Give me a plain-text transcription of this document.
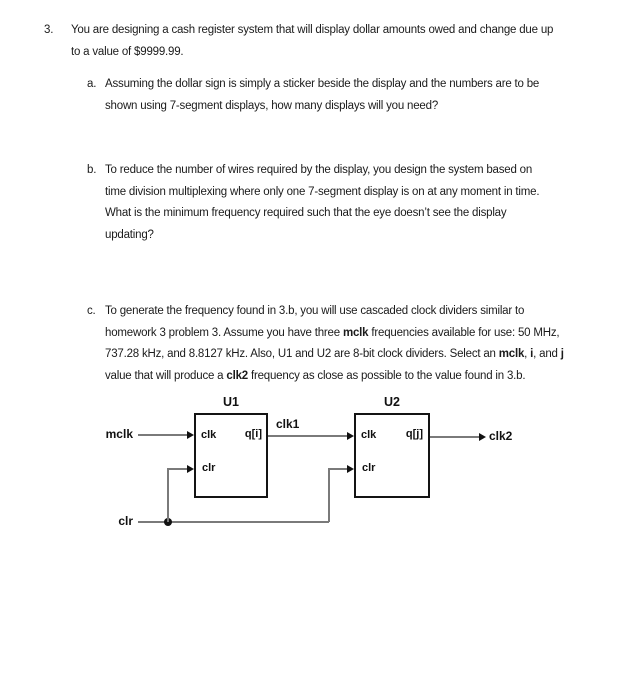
3. You are designing a cash register system that will display dollar amounts owed and change due up
to a value of $9999.99.
a. Assuming the dollar sign is simply a sticker beside the display and the numbers are to be
shown using 7-segment displays, how many displays will you need?
b. To reduce the number of wires required by the display, you design the system based on
time division multiplexing where only one 7-segment display is on at any moment in time.
What is the minimum frequency required such that the eye doesn’t see the display
updating?
c. To generate the frequency found in 3.b, you will use cascaded clock dividers similar to
homework 3 problem 3. Assume you have three mclk frequencies available for use: 50 MHz,
737.28 kHz, and 8.8127 kHz. Also, U1 and U2 are 8-bit clock dividers. Select an mclk, i, and j
value that will produce a clk2 frequency as close as possible to the value found in 3.b.
U1
clk	q[i]
clr
U2
clk	q[j]
clr
mclk
clk1
clk2
clr
